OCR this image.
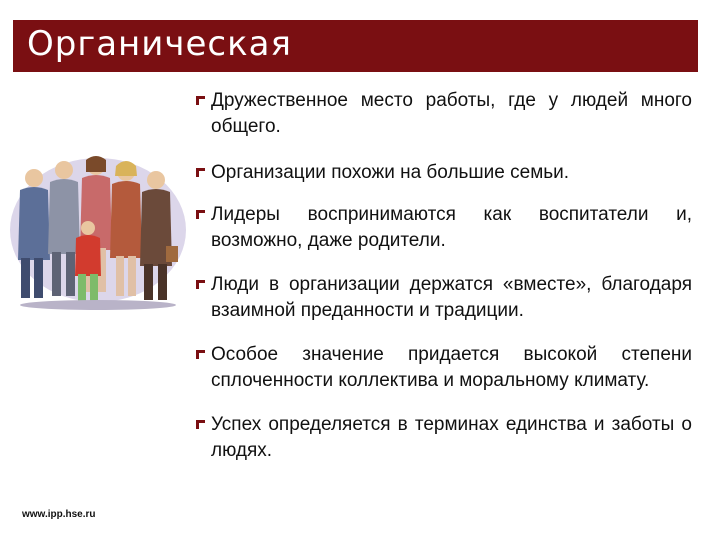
Органическая
Дружественное место работы, где у людей много общего.
Организации похожи на большие семьи.
Лидеры воспринимаются как воспитатели и, возможно, даже родители.
Люди в организации держатся «вместе», благодаря взаимной преданности и традиции.
Особое значение придается высокой степени сплоченности коллектива и моральному климату.
Успех определяется в терминах единства и заботы о людях.
www.ipp.hse.ru
